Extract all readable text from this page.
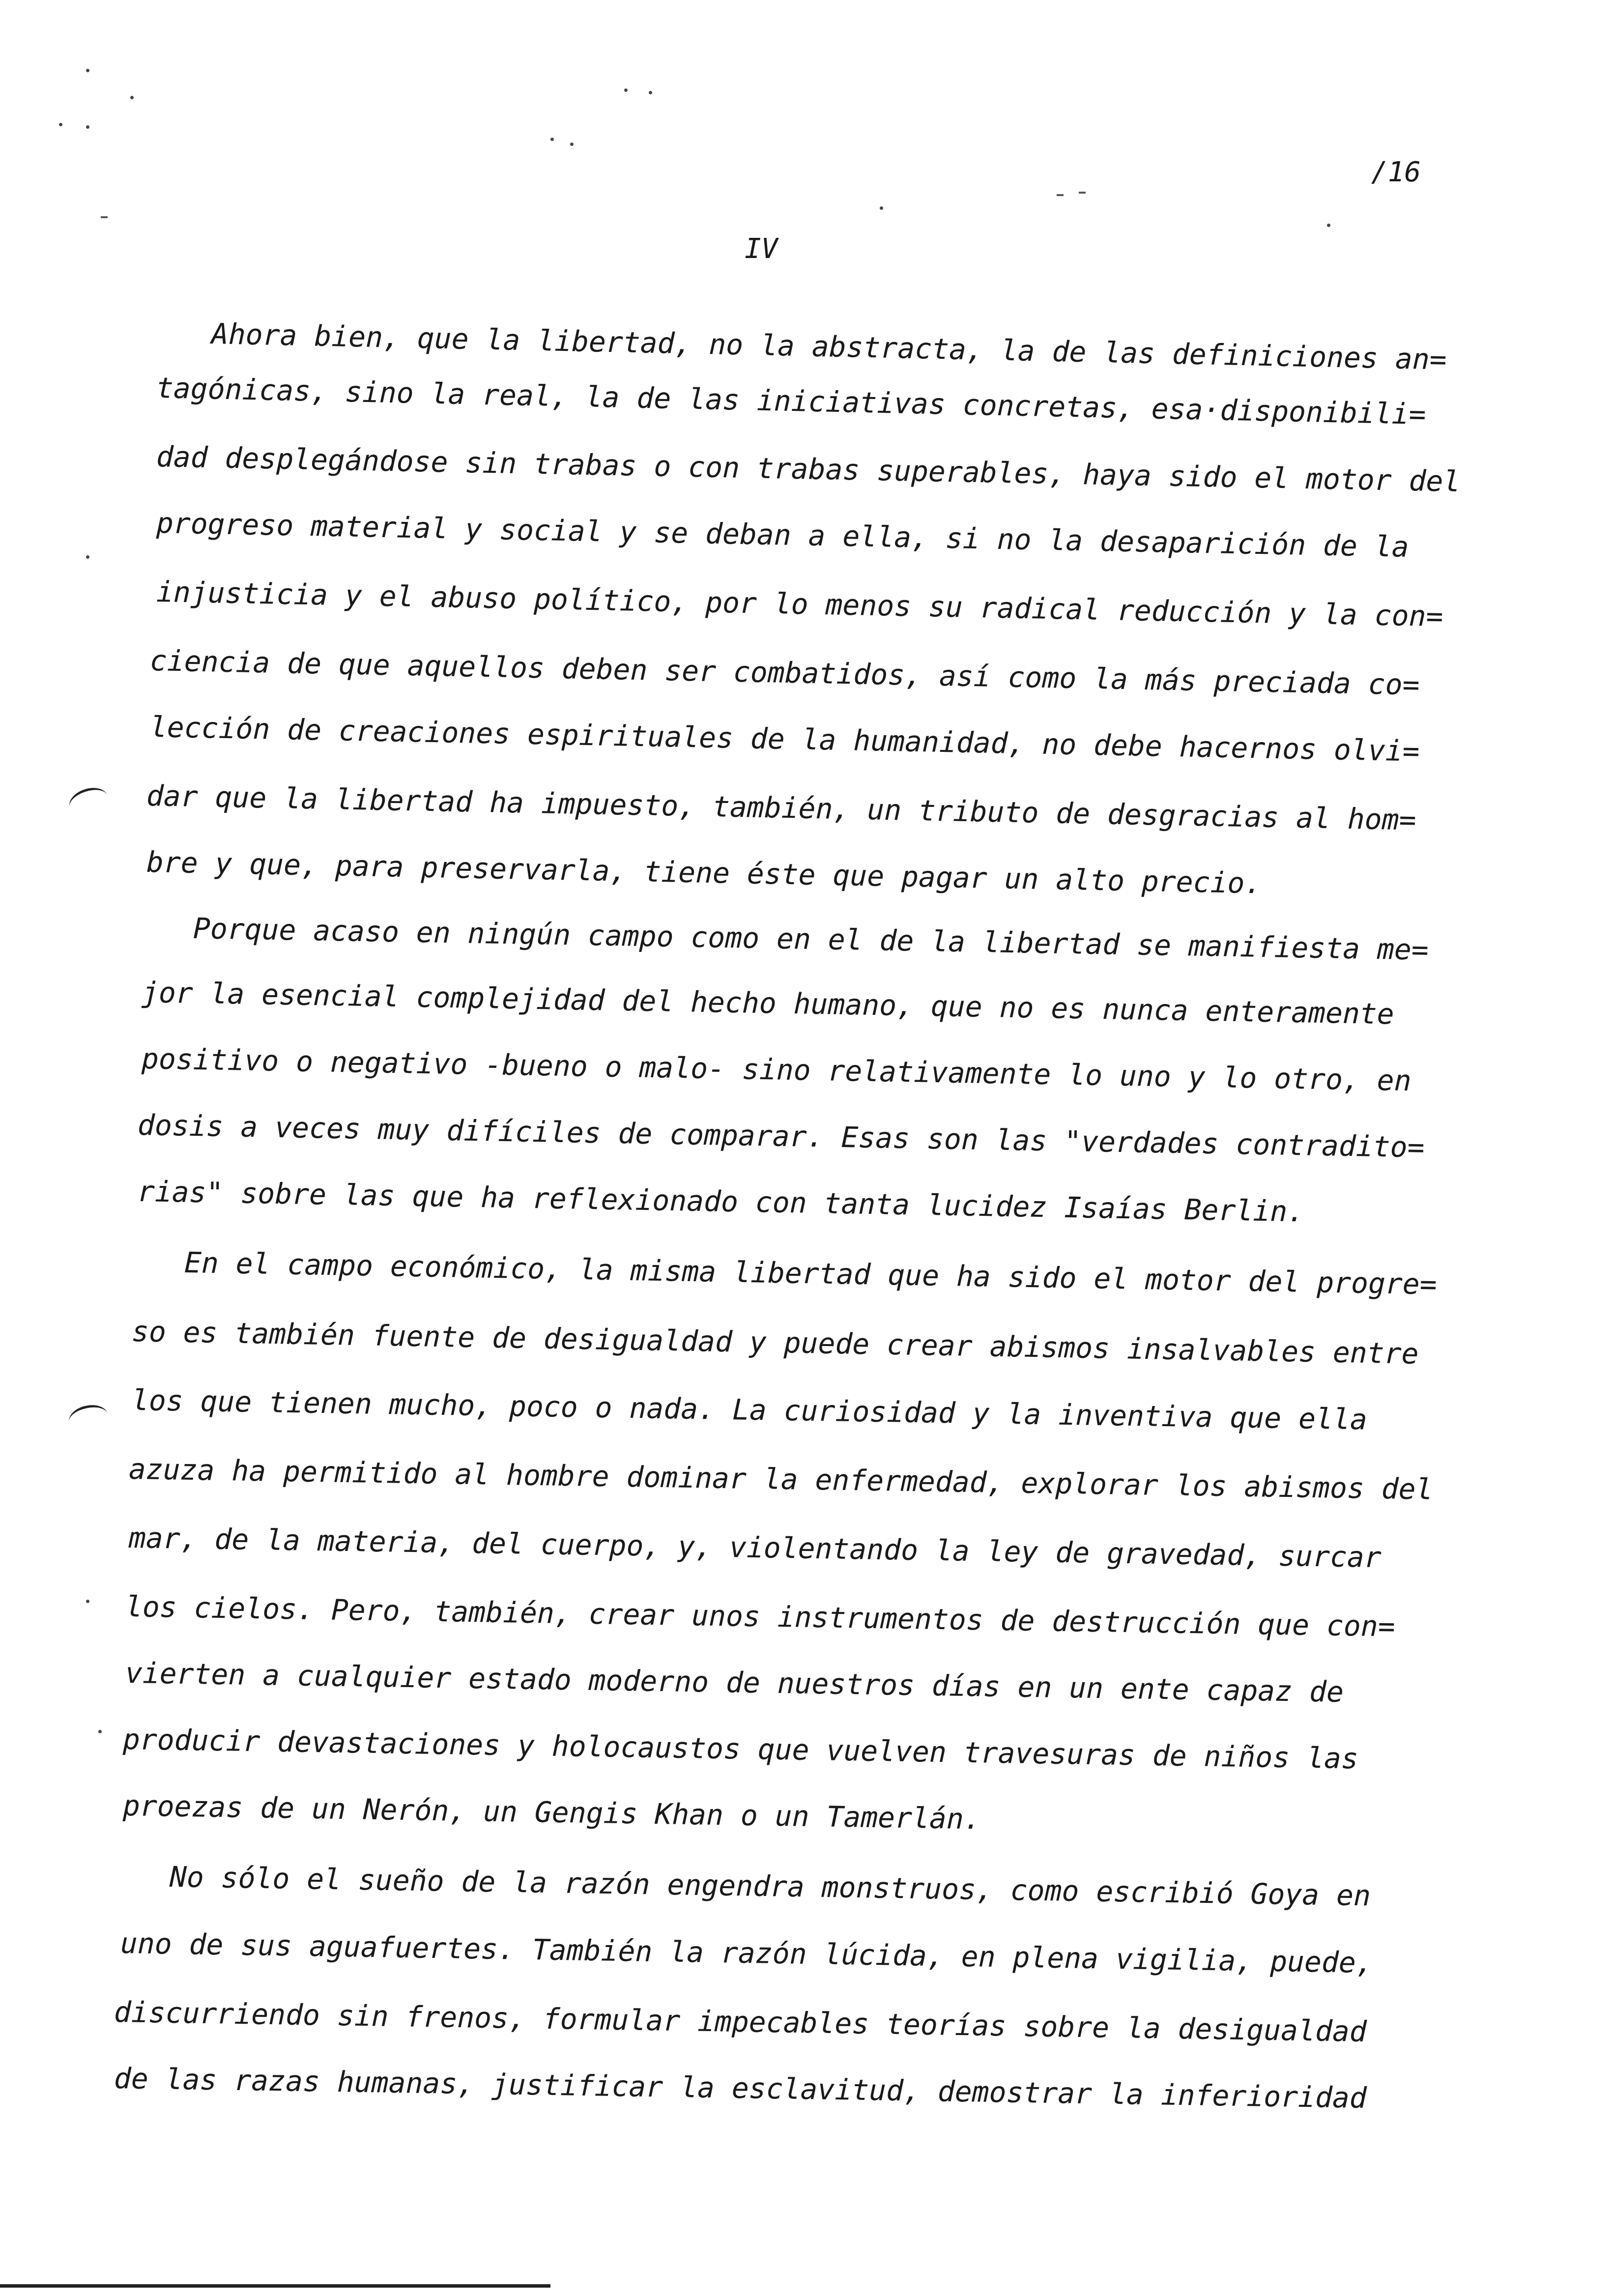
/16
IV
Ahora bien, que la libertad, no la abstracta, la de las definiciones an=
tagónicas, sino la real, la de las iniciativas concretas, esa·disponibili=
dad desplegándose sin trabas o con trabas superables, haya sido el motor del
progreso material y social y se deban a ella, si no la desaparición de la
injusticia y el abuso político, por lo menos su radical reducción y la con=
ciencia de que aquellos deben ser combatidos, así como la más preciada co=
lección de creaciones espirituales de la humanidad, no debe hacernos olvi=
dar que la libertad ha impuesto, también, un tributo de desgracias al hom=
bre y que, para preservarla, tiene éste que pagar un alto precio.
Porque acaso en ningún campo como en el de la libertad se manifiesta me=
jor la esencial complejidad del hecho humano, que no es nunca enteramente
positivo o negativo -bueno o malo- sino relativamente lo uno y lo otro, en
dosis a veces muy difíciles de comparar. Esas son las "verdades contradito=
rias" sobre las que ha reflexionado con tanta lucidez Isaías Berlin.
En el campo económico, la misma libertad que ha sido el motor del progre=
so es también fuente de desigualdad y puede crear abismos insalvables entre
los que tienen mucho, poco o nada. La curiosidad y la inventiva que ella
azuza ha permitido al hombre dominar la enfermedad, explorar los abismos del
mar, de la materia, del cuerpo, y, violentando la ley de gravedad, surcar
los cielos. Pero, también, crear unos instrumentos de destrucción que con=
vierten a cualquier estado moderno de nuestros días en un ente capaz de
producir devastaciones y holocaustos que vuelven travesuras de niños las
proezas de un Nerón, un Gengis Khan o un Tamerlán.
No sólo el sueño de la razón engendra monstruos, como escribió Goya en
uno de sus aguafuertes. También la razón lúcida, en plena vigilia, puede,
discurriendo sin frenos, formular impecables teorías sobre la desigualdad
de las razas humanas, justificar la esclavitud, demostrar la inferioridad
